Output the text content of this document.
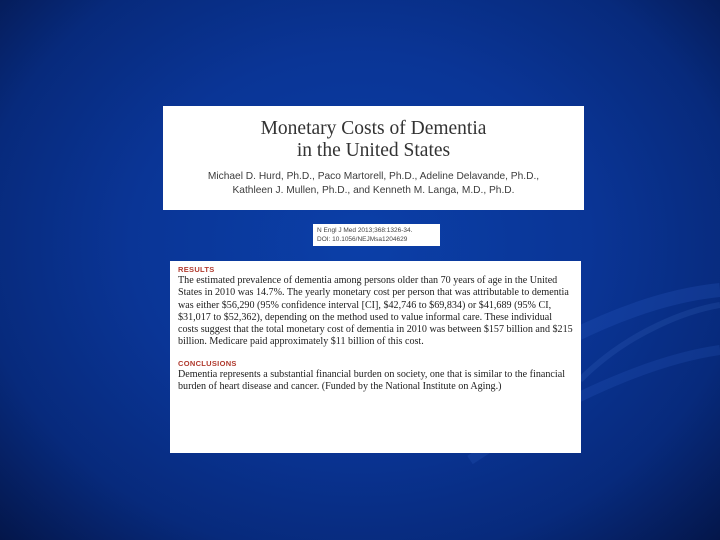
Monetary Costs of Dementia
in the United States
Michael D. Hurd, Ph.D., Paco Martorell, Ph.D., Adeline Delavande, Ph.D.,
Kathleen J. Mullen, Ph.D., and Kenneth M. Langa, M.D., Ph.D.
N Engl J Med 2013;368:1326-34.
DOI: 10.1056/NEJMsa1204629
RESULTS
The estimated prevalence of dementia among persons older than 70 years of age in the United States in 2010 was 14.7%. The yearly monetary cost per person that was attributable to dementia was either $56,290 (95% confidence interval [CI], $42,746 to $69,834) or $41,689 (95% CI, $31,017 to $52,362), depending on the method used to value informal care. These individual costs suggest that the total monetary cost of dementia in 2010 was between $157 billion and $215 billion. Medicare paid approximately $11 billion of this cost.
CONCLUSIONS
Dementia represents a substantial financial burden on society, one that is similar to the financial burden of heart disease and cancer. (Funded by the National Institute on Aging.)
